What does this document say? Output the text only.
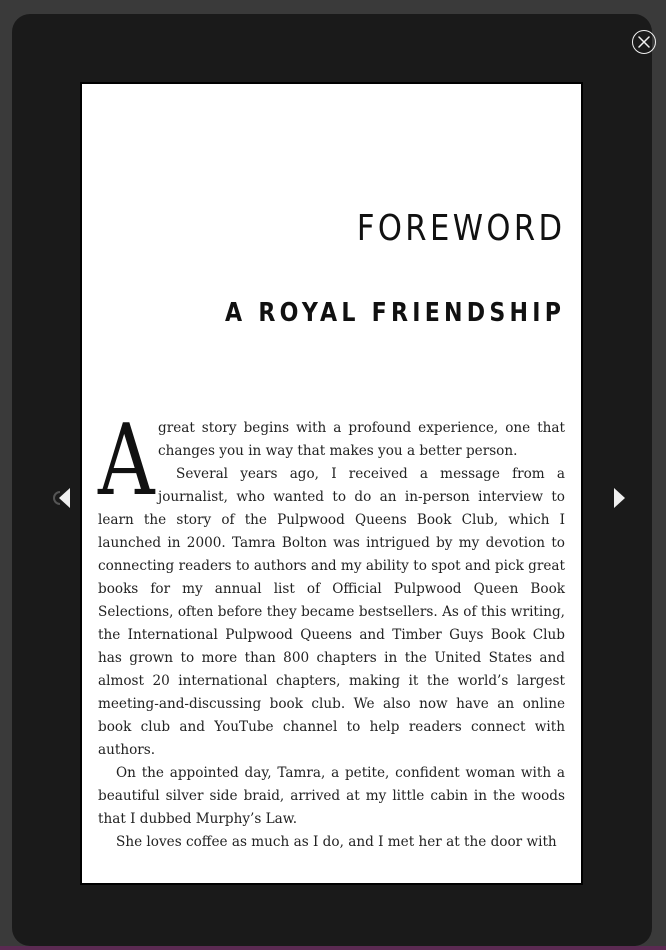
FOREWORD
A ROYAL FRIENDSHIP
A great story begins with a profound experience, one that changes you in way that makes you a better person.

Several years ago, I received a message from a journalist, who wanted to do an in-person interview to learn the story of the Pulpwood Queens Book Club, which I launched in 2000. Tamra Bolton was intrigued by my devotion to connecting readers to authors and my ability to spot and pick great books for my annual list of Official Pulpwood Queen Book Selections, often before they became bestsellers. As of this writing, the International Pulpwood Queens and Timber Guys Book Club has grown to more than 800 chapters in the United States and almost 20 international chapters, making it the world’s largest meeting-and-discussing book club. We also now have an online book club and YouTube channel to help readers connect with authors.

On the appointed day, Tamra, a petite, confident woman with a beautiful silver side braid, arrived at my little cabin in the woods that I dubbed Murphy’s Law.

She loves coffee as much as I do, and I met her at the door with
